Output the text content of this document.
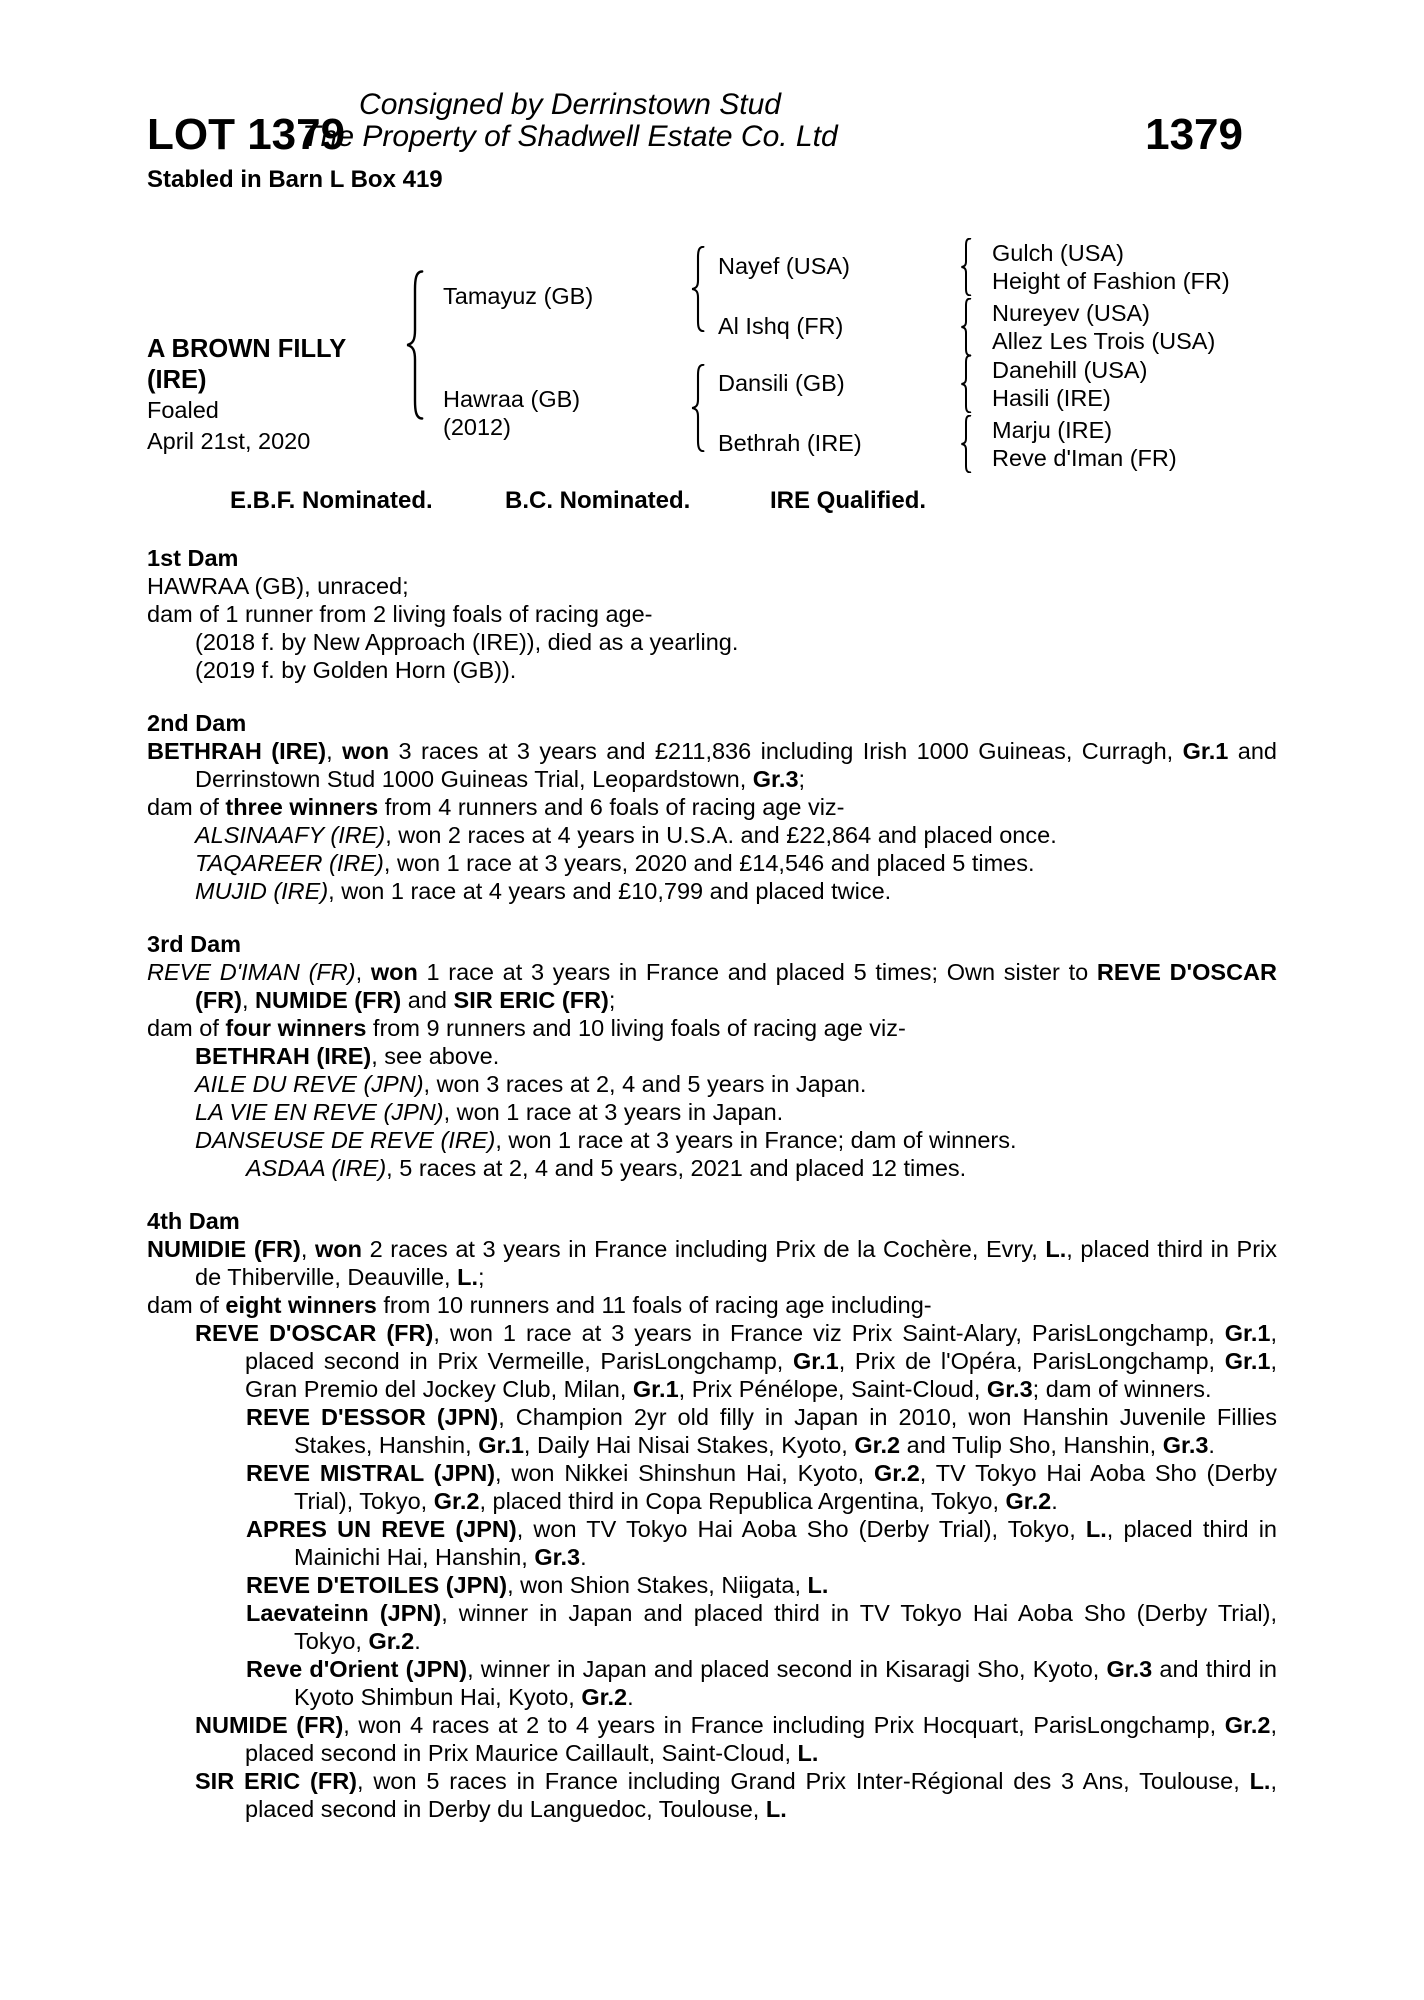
LOT 1379
Consigned by Derrinstown Stud
The Property of Shadwell Estate Co. Ltd	1379
Stabled in Barn L Box 419
A BROWN FILLY
(IRE)
Foaled
April 21st, 2020
Tamayuz (GB)
Hawraa (GB)
(2012)
Nayef (USA)
Al Ishq (FR)
Dansili (GB)
Bethrah (IRE)
Gulch (USA)
Height of Fashion (FR)
Nureyev (USA)
Allez Les Trois (USA)
Danehill (USA)
Hasili (IRE)
Marju (IRE)
Reve d'Iman (FR)
E.B.F. Nominated.	B.C. Nominated.	IRE Qualified.
1st Dam

HAWRAA (GB), unraced;

dam of 1 runner from 2 living foals of racing age-

(2018 f. by New Approach (IRE)), died as a yearling.

(2019 f. by Golden Horn (GB)).

2nd Dam

BETHRAH (IRE), won 3 races at 3 years and £211,836 including Irish 1000 Guineas, Curragh, Gr.1 and Derrinstown Stud 1000 Guineas Trial, Leopardstown, Gr.3;

dam of three winners from 4 runners and 6 foals of racing age viz-

ALSINAAFY (IRE), won 2 races at 4 years in U.S.A. and £22,864 and placed once.

TAQAREER (IRE), won 1 race at 3 years, 2020 and £14,546 and placed 5 times.

MUJID (IRE), won 1 race at 4 years and £10,799 and placed twice.

3rd Dam

REVE D'IMAN (FR), won 1 race at 3 years in France and placed 5 times; Own sister to REVE D'OSCAR (FR), NUMIDE (FR) and SIR ERIC (FR);

dam of four winners from 9 runners and 10 living foals of racing age viz-

BETHRAH (IRE), see above.

AILE DU REVE (JPN), won 3 races at 2, 4 and 5 years in Japan.

LA VIE EN REVE (JPN), won 1 race at 3 years in Japan.

DANSEUSE DE REVE (IRE), won 1 race at 3 years in France; dam of winners.

ASDAA (IRE), 5 races at 2, 4 and 5 years, 2021 and placed 12 times.

4th Dam

NUMIDIE (FR), won 2 races at 3 years in France including Prix de la Cochère, Evry, L., placed third in Prix de Thiberville, Deauville, L.;

dam of eight winners from 10 runners and 11 foals of racing age including-

REVE D'OSCAR (FR), won 1 race at 3 years in France viz Prix Saint-Alary, ParisLongchamp, Gr.1, placed second in Prix Vermeille, ParisLongchamp, Gr.1, Prix de l'Opéra, ParisLongchamp, Gr.1, Gran Premio del Jockey Club, Milan, Gr.1, Prix Pénélope, Saint-Cloud, Gr.3; dam of winners.

REVE D'ESSOR (JPN), Champion 2yr old filly in Japan in 2010, won Hanshin Juvenile Fillies Stakes, Hanshin, Gr.1, Daily Hai Nisai Stakes, Kyoto, Gr.2 and Tulip Sho, Hanshin, Gr.3.

REVE MISTRAL (JPN), won Nikkei Shinshun Hai, Kyoto, Gr.2, TV Tokyo Hai Aoba Sho (Derby Trial), Tokyo, Gr.2, placed third in Copa Republica Argentina, Tokyo, Gr.2.

APRES UN REVE (JPN), won TV Tokyo Hai Aoba Sho (Derby Trial), Tokyo, L., placed third in Mainichi Hai, Hanshin, Gr.3.

REVE D'ETOILES (JPN), won Shion Stakes, Niigata, L.

Laevateinn (JPN), winner in Japan and placed third in TV Tokyo Hai Aoba Sho (Derby Trial), Tokyo, Gr.2.

Reve d'Orient (JPN), winner in Japan and placed second in Kisaragi Sho, Kyoto, Gr.3 and third in Kyoto Shimbun Hai, Kyoto, Gr.2.

NUMIDE (FR), won 4 races at 2 to 4 years in France including Prix Hocquart, ParisLongchamp, Gr.2, placed second in Prix Maurice Caillault, Saint-Cloud, L.

SIR ERIC (FR), won 5 races in France including Grand Prix Inter-Régional des 3 Ans, Toulouse, L., placed second in Derby du Languedoc, Toulouse, L.
